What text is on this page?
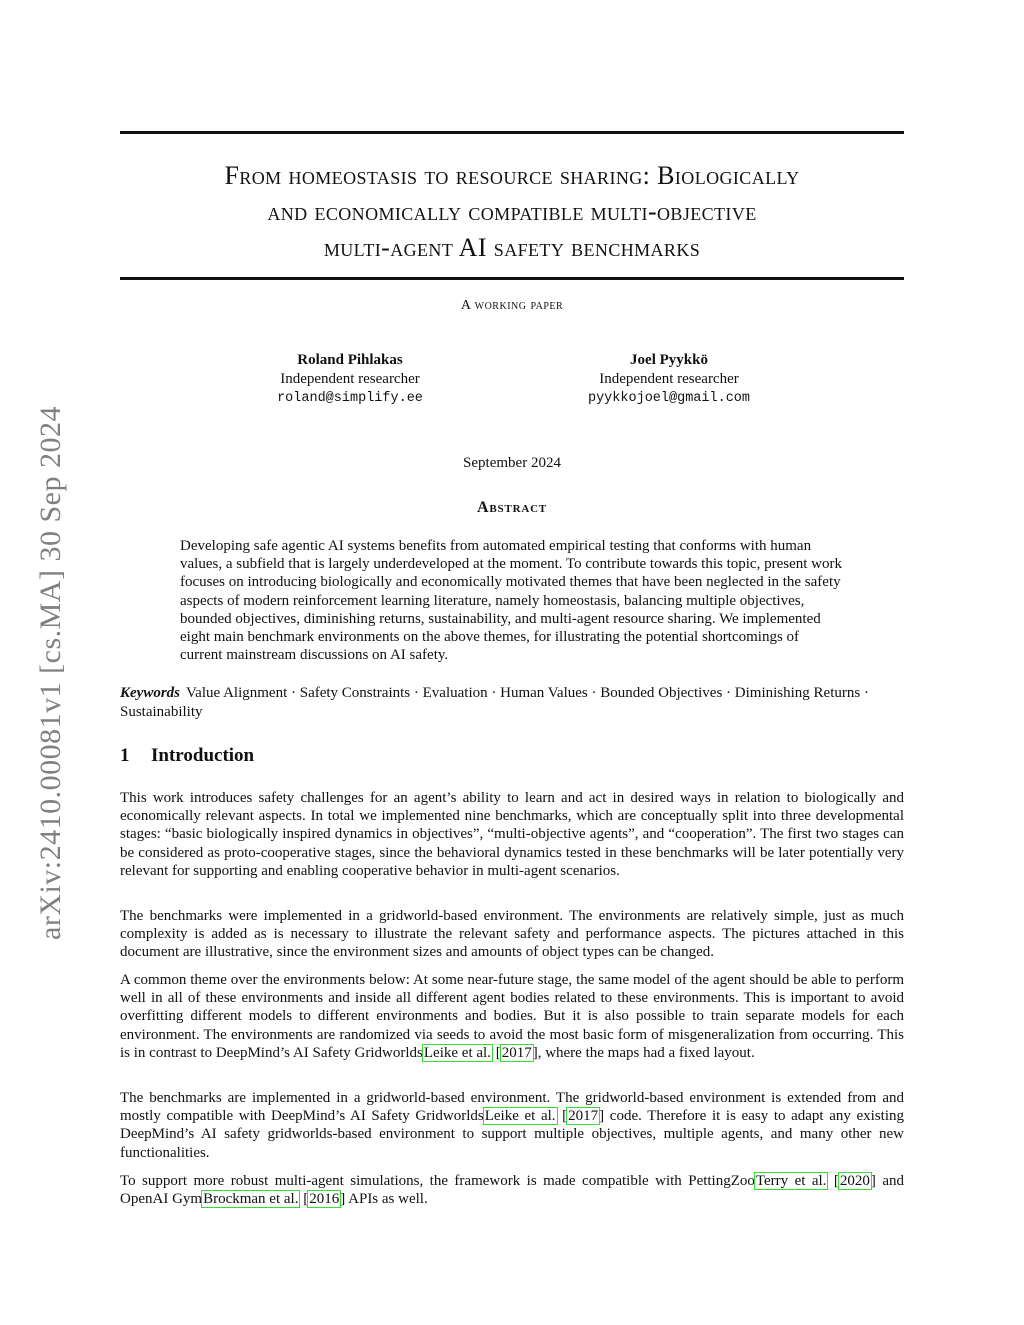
arXiv:2410.00081v1 [cs.MA] 30 Sep 2024
From homeostasis to resource sharing: Biologically
and economically compatible multi-objective
multi-agent AI safety benchmarks
A working paper
Roland Pihlakas
Independent researcher
roland@simplify.ee
Joel Pyykkö
Independent researcher
pyykkojoel@gmail.com
September 2024
Abstract
Developing safe agentic AI systems benefits from automated empirical testing that conforms with human values, a subfield that is largely underdeveloped at the moment. To contribute towards this topic, present work focuses on introducing biologically and economically motivated themes that have been neglected in the safety aspects of modern reinforcement learning literature, namely homeostasis, balancing multiple objectives, bounded objectives, diminishing returns, sustainability, and multi-agent resource sharing. We implemented eight main benchmark environments on the above themes, for illustrating the potential shortcomings of current mainstream discussions on AI safety.
Keywords Value Alignment · Safety Constraints · Evaluation · Human Values · Bounded Objectives · Diminishing Returns · Sustainability
1 Introduction
This work introduces safety challenges for an agent’s ability to learn and act in desired ways in relation to biologically and economically relevant aspects. In total we implemented nine benchmarks, which are conceptually split into three developmental stages: “basic biologically inspired dynamics in objectives”, “multi-objective agents”, and “cooperation”. The first two stages can be considered as proto-cooperative stages, since the behavioral dynamics tested in these benchmarks will be later potentially very relevant for supporting and enabling cooperative behavior in multi-agent scenarios.
The benchmarks were implemented in a gridworld-based environment. The environments are relatively simple, just as much complexity is added as is necessary to illustrate the relevant safety and performance aspects. The pictures attached in this document are illustrative, since the environment sizes and amounts of object types can be changed.
A common theme over the environments below: At some near-future stage, the same model of the agent should be able to perform well in all of these environments and inside all different agent bodies related to these environments. This is important to avoid overfitting different models to different environments and bodies. But it is also possible to train separate models for each environment. The environments are randomized via seeds to avoid the most basic form of misgeneralization from occurring. This is in contrast to DeepMind’s AI Safety GridworldsLeike et al. [2017], where the maps had a fixed layout.
The benchmarks are implemented in a gridworld-based environment. The gridworld-based environment is extended from and mostly compatible with DeepMind’s AI Safety GridworldsLeike et al. [2017] code. Therefore it is easy to adapt any existing DeepMind’s AI safety gridworlds-based environment to support multiple objectives, multiple agents, and many other new functionalities.
To support more robust multi-agent simulations, the framework is made compatible with PettingZooTerry et al. [2020] and OpenAI GymBrockman et al. [2016] APIs as well.
